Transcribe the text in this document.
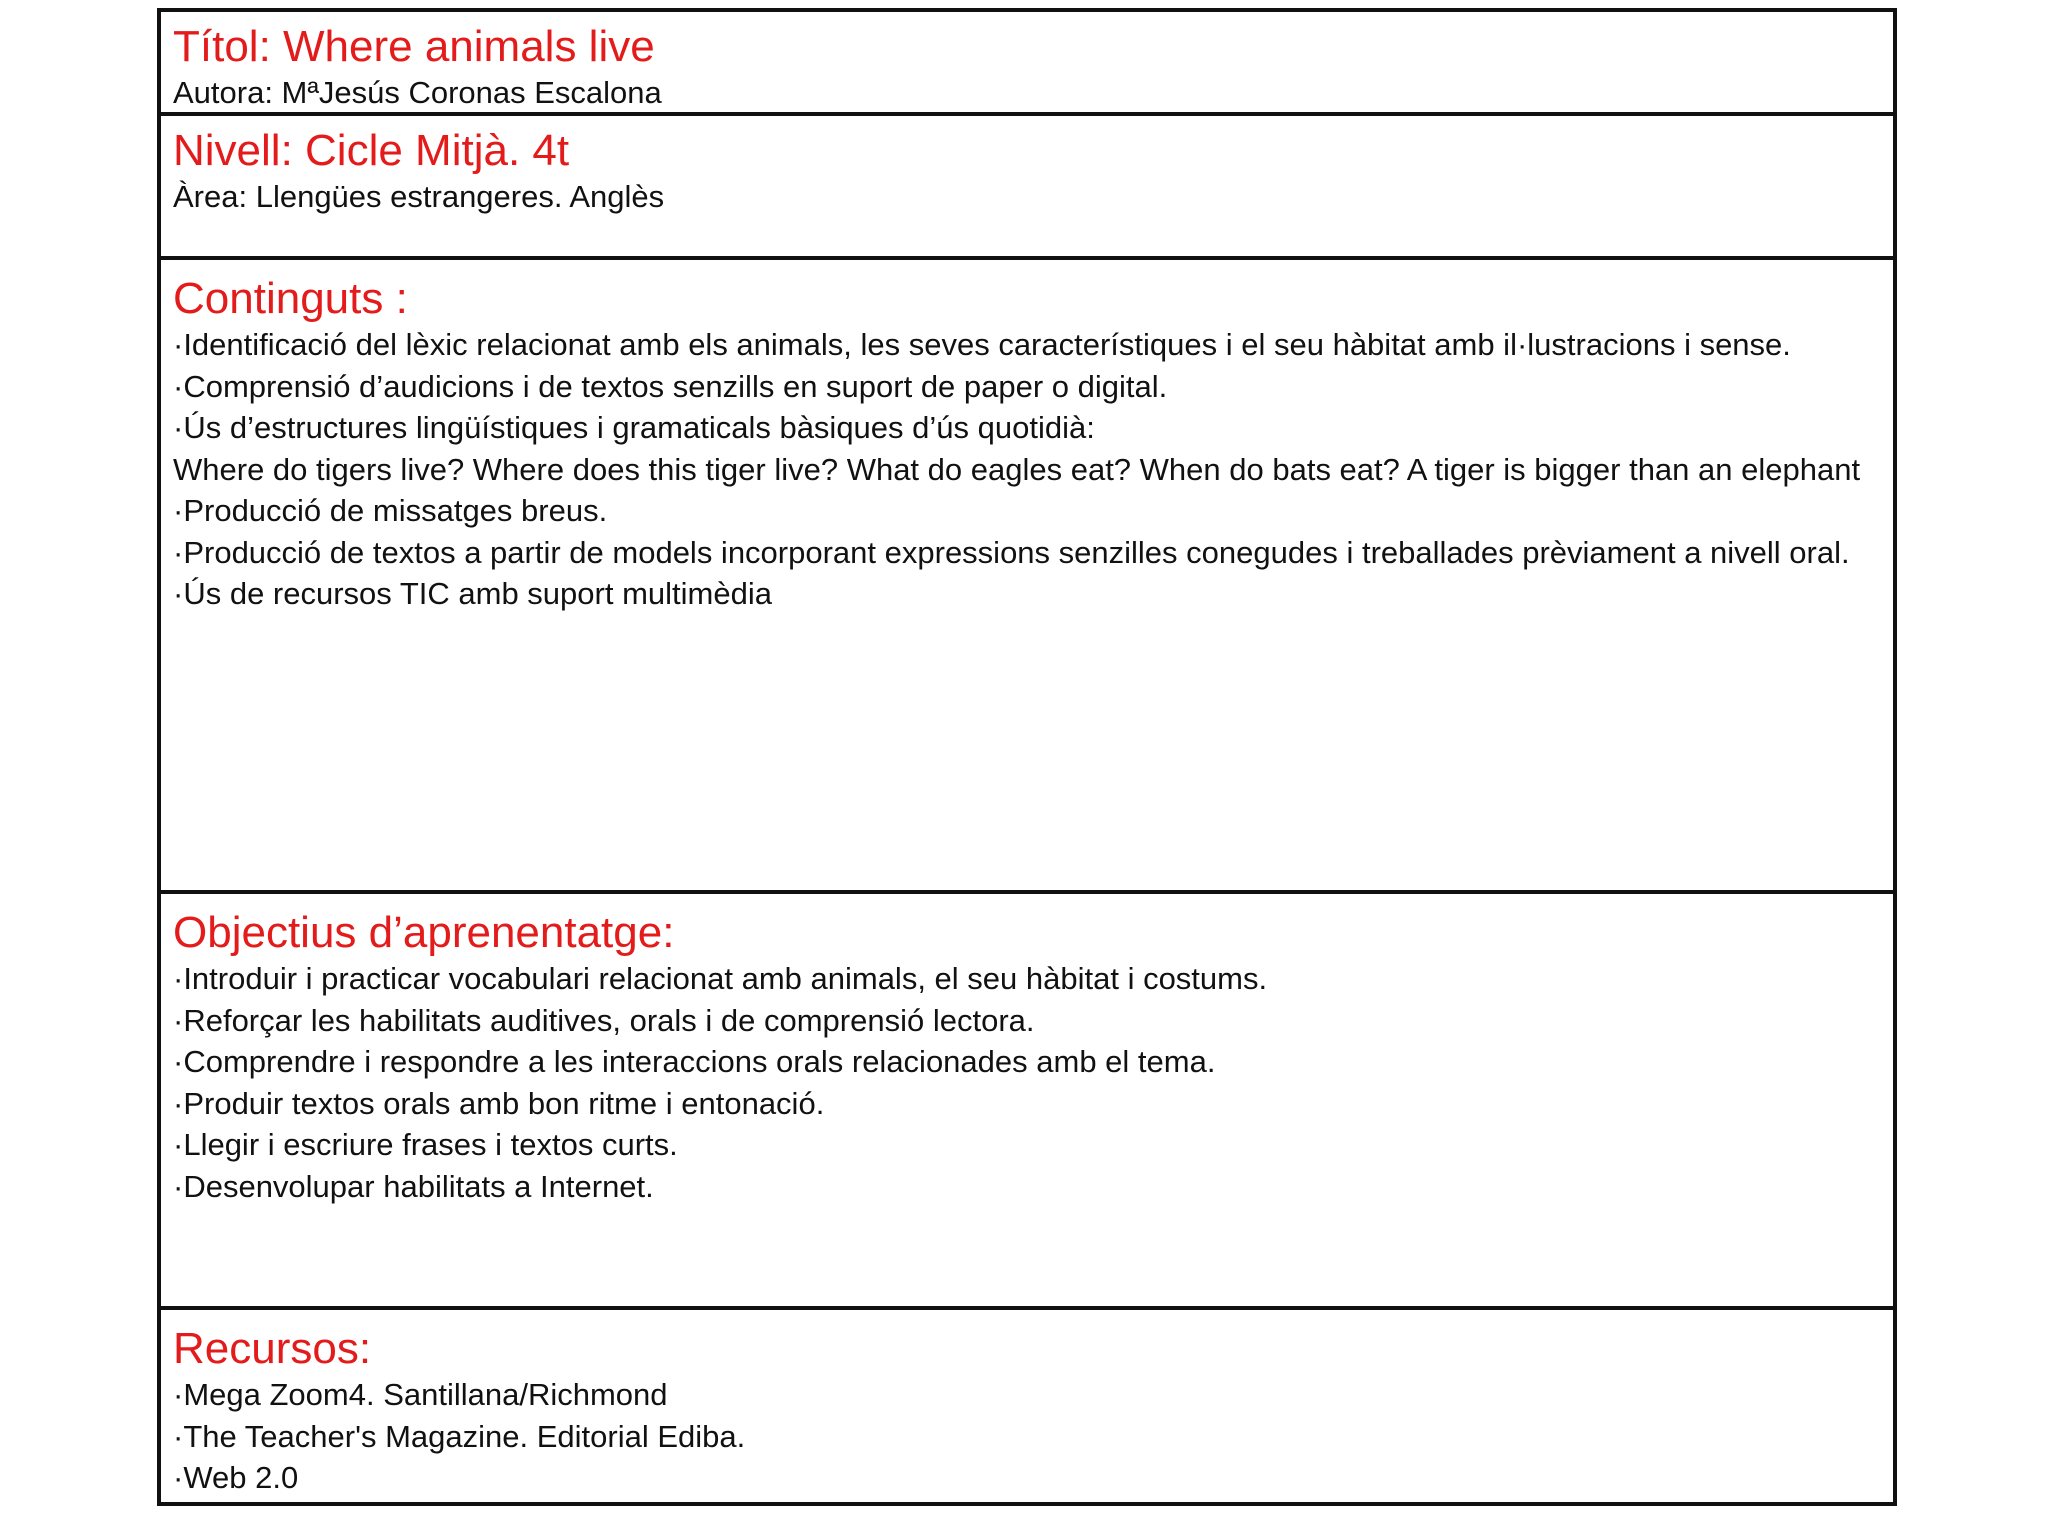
Títol: Where animals live

Autora: MªJesús Coronas Escalona

Nivell: Cicle Mitjà. 4t

Àrea: Llengües estrangeres. Anglès

Continguts :

·Identificació del lèxic relacionat amb els animals, les seves característiques i el seu hàbitat amb il·lustracions i sense.
·Comprensió d’audicions i de textos senzills en suport de paper o digital.
·Ús d’estructures lingüístiques i gramaticals bàsiques d’ús quotidià:
Where do tigers live? Where does this tiger live? What do eagles eat? When do bats eat? A tiger is bigger than an elephant
·Producció de missatges breus.
·Producció de textos a partir de models incorporant expressions senzilles conegudes i treballades prèviament a nivell oral.
·Ús de recursos TIC amb suport multimèdia

Objectius d’aprenentatge:

·Introduir i practicar vocabulari relacionat amb animals, el seu hàbitat i costums.
·Reforçar les habilitats auditives, orals i de comprensió lectora.
·Comprendre i respondre a les interaccions orals relacionades amb el tema.
·Produir textos orals amb bon ritme i entonació.
·Llegir i escriure frases i textos curts.
·Desenvolupar habilitats a Internet.

Recursos:

·Mega Zoom4. Santillana/Richmond
·The Teacher's Magazine. Editorial Ediba.
·Web 2.0
